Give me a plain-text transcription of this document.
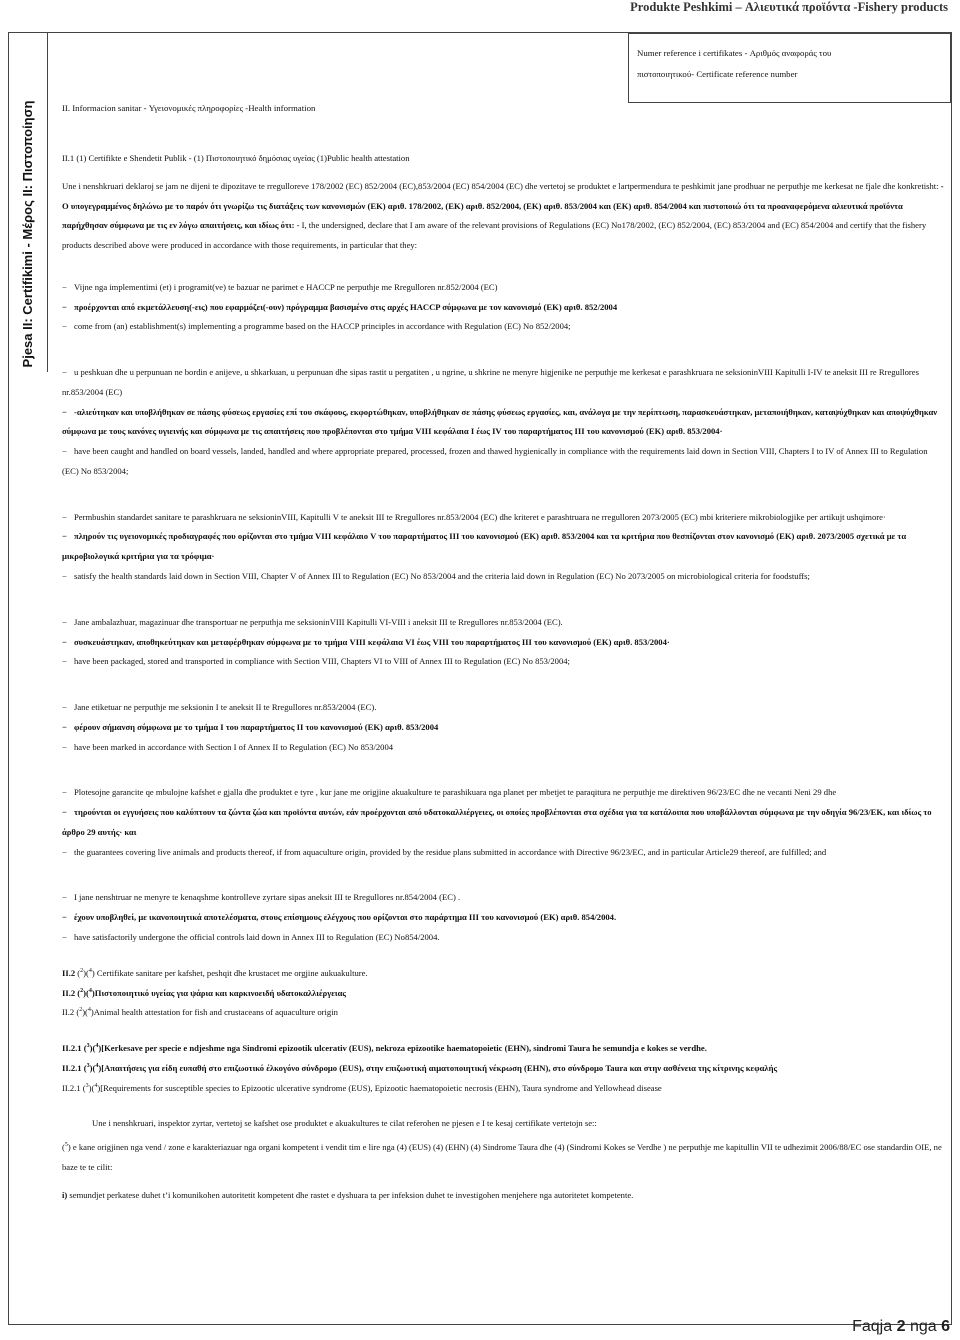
Produkte Peshkimi – Αλιευτικά προϊόντα -Fishery products
Pjesa II: Certifikimi - Μέρος II: Πιστοποίηση
Numer reference i certifikates - Αριθμός αναφοράς του
πιστοποιητικού- Certificate reference number
II. Informacion sanitar - Υγειονομικές πληροφορίες -Health information
II.1 (1) Certifikte e Shendetit Publik - (1) Πιστοποιητικό δημόσιας υγείας (1)Public health attestation
Une i nenshkruari deklaroj se jam ne dijeni te dipozitave te rregulloreve 178/2002 (EC) 852/2004 (EC),853/2004 (EC) 854/2004 (EC) dhe vertetoj se produktet e lartpermendura te peshkimit jane prodhuar ne perputhje me kerkesat ne fjale dhe konkretisht: - Ο υπογεγραμμένος δηλώνω με το παρόν ότι γνωρίζω τις διατάξεις των κανονισμών (ΕΚ) αριθ. 178/2002, (ΕΚ) αριθ. 852/2004, (ΕΚ) αριθ. 853/2004 και (ΕΚ) αριθ. 854/2004 και πιστοποιώ ότι τα προαναφερόμενα αλιευτικά προϊόντα παρήχθησαν σύμφωνα με τις εν λόγω απαιτήσεις, και ιδίως ότι: - I, the undersigned, declare that I am aware of the relevant provisions of Regulations (EC) No178/2002, (EC) 852/2004, (EC) 853/2004 and (EC) 854/2004 and certify that the fishery products described above were produced in accordance with those requirements, in particular that they:
− Vijne nga implementimi (et) i programit(ve) te bazuar ne parimet e HACCP ne perputhje me Rregulloren nr.852/2004 (EC)
− προέρχονται από εκμετάλλευση(-εις) που εφαρμόζει(-ουν) πρόγραμμα βασισμένο στις αρχές HACCP σύμφωνα με τον κανονισμό (ΕΚ) αριθ. 852/2004
− come from (an) establishment(s) implementing a programme based on the HACCP principles in accordance with Regulation (EC) No 852/2004;
− u peshkuan dhe u perpunuan ne bordin e anijeve, u shkarkuan, u perpunuan dhe sipas rastit u pergatiten , u ngrine, u shkrine ne menyre higjenike ne perputhje me kerkesat e parashkruara ne seksioninVIII Kapitulli I-IV te aneksit III re Rregullores nr.853/2004 (EC)
− -αλιεύτηκαν και υποβλήθηκαν σε πάσης φύσεως εργασίες επί του σκάφους, εκφορτώθηκαν, υποβλήθηκαν σε πάσης φύσεως εργασίες, και, ανάλογα με την περίπτωση, παρασκευάστηκαν, μεταποιήθηκαν, καταψύχθηκαν και αποψύχθηκαν σύμφωνα με τους κανόνες υγιεινής και σύμφωνα με τις απαιτήσεις που προβλέπονται στο τμήμα VIII κεφάλαια I έως IV του παραρτήματος III του κανονισμού (ΕΚ) αριθ. 853/2004·
− have been caught and handled on board vessels, landed, handled and where appropriate prepared, processed, frozen and thawed hygienically in compliance with the requirements laid down in Section VIII, Chapters I to IV of Annex III to Regulation (EC) No 853/2004;
− Permbushin standardet sanitare te parashkruara ne seksioninVIII, Kapitulli V te aneksit III te Rregullores nr.853/2004 (EC) dhe kriteret e parashtruara ne rregulloren 2073/2005 (EC) mbi kriteriere mikrobiologjike per artikujt ushqimore·
− πληρούν τις υγειονομικές προδιαγραφές που ορίζονται στο τμήμα VIII κεφάλαιο V του παραρτήματος III του κανονισμού (ΕΚ) αριθ. 853/2004 και τα κριτήρια που θεσπίζονται στον κανονισμό (ΕΚ) αριθ. 2073/2005 σχετικά με τα μικροβιολογικά κριτήρια για τα τρόφιμα·
− satisfy the health standards laid down in Section VIII, Chapter V of Annex III to Regulation (EC) No 853/2004 and the criteria laid down in Regulation (EC) No 2073/2005 on microbiological criteria for foodstuffs;
− Jane ambalazhuar, magazinuar dhe transportuar ne perputhja me seksioninVIII Kapitulli VI-VIII i aneksit III te Rregullores nr.853/2004 (EC).
− συσκευάστηκαν, αποθηκεύτηκαν και μεταφέρθηκαν σύμφωνα με το τμήμα VIII κεφάλαια VI έως VIII του παραρτήματος III του κανονισμού (ΕΚ) αριθ. 853/2004·
− have been packaged, stored and transported in compliance with Section VIII, Chapters VI to VIII of Annex III to Regulation (EC) No 853/2004;
− Jane etiketuar ne perputhje me seksionin I te aneksit II te Rregullores nr.853/2004 (EC).
− φέρουν σήμανση σύμφωνα με το τμήμα I του παραρτήματος II του κανονισμού (ΕΚ) αριθ. 853/2004
− have been marked in accordance with Section I of Annex II to Regulation (EC) No 853/2004
− Plotesojne garancite qe mbulojne kafshet e gjalla dhe produktet e tyre , kur jane me origjine akuakulture te parashikuara nga planet per mbetjet te paraqitura ne perputhje me direktiven 96/23/EC dhe ne vecanti Neni 29 dhe
− τηρούνται οι εγγυήσεις που καλύπτουν τα ζώντα ζώα και προϊόντα αυτών, εάν προέρχονται από υδατοκαλλιέργειες, οι οποίες προβλέπονται στα σχέδια για τα κατάλοιπα που υποβάλλονται σύμφωνα με την οδηγία 96/23/ΕΚ, και ιδίως το άρθρο 29 αυτής· και
− the guarantees covering live animals and products thereof, if from aquaculture origin, provided by the residue plans submitted in accordance with Directive 96/23/EC, and in particular Article29 thereof, are fulfilled; and
− I jane nenshtruar ne menyre te kenaqshme kontrolleve zyrtare sipas aneksit III te Rregullores nr.854/2004 (EC) .
− έχουν υποβληθεί, με ικανοποιητικά αποτελέσματα, στους επίσημους ελέγχους που ορίζονται στο παράρτημα III του κανονισμού (ΕΚ) αριθ. 854/2004.
− have satisfactorily undergone the official controls laid down in Annex III to Regulation (EC) No854/2004.
II.2 ($^2$)($^4$) Certifikate sanitare per kafshet, peshqit dhe krustacet me orgjine aukuakulture.
II.2 ($^2$)($^4$)Πιστοποιητικό υγείας για ψάρια και καρκινοειδή υδατοκαλλιέργειας
II.2 ($^2$)($^4$)Animal health attestation for fish and crustaceans of aquaculture origin
II.2.1 ($^3$)($^4$)[Kerkesave per specie e ndjeshme nga Sindromi epizootik ulcerativ (EUS), nekroza epizootike haematopoietic (EHN), sindromi Taura he semundja e kokes se verdhe.
II.2.1 ($^3$)($^4$)[Απαιτήσεις για είδη ευπαθή στο επιζωοτικό έλκογόνο σύνδρομο (EUS), στην επιζωοτική αιματοποιητική νέκρωση (EHN), στο σύνδρομο Taura και στην ασθένεια της κίτρινης κεφαλής
II.2.1 ($^3$)($^4$)[Requirements for susceptible species to Epizootic ulcerative syndrome (EUS), Epizootic haematopoietic necrosis (EHN), Taura syndrome and Yellowhead disease
Une i nenshkruari, inspektor zyrtar, vertetoj se kafshet ose produktet e akuakultures te cilat referohen ne pjesen e I te kesaj certifikate vertetojn se::
($^5$) e kane origjinen nga vend / zone e karakteriazuar nga organi kompetent i vendit tim e lire nga (4) (EUS) (4) (EHN) (4) Sindrome Taura dhe (4) (Sindromi Kokes se Verdhe ) ne perputhje me kapitullin VII te udhezimit 2006/88/EC ose standardin OIE, ne baze te te cilit:
i) semundjet perkatese duhet t’i komunikohen autoritetit kompetent dhe rastet e dyshuara ta per infeksion duhet te investigohen menjehere nga autoritetet kompetente.
Faqja 2 nga 6
